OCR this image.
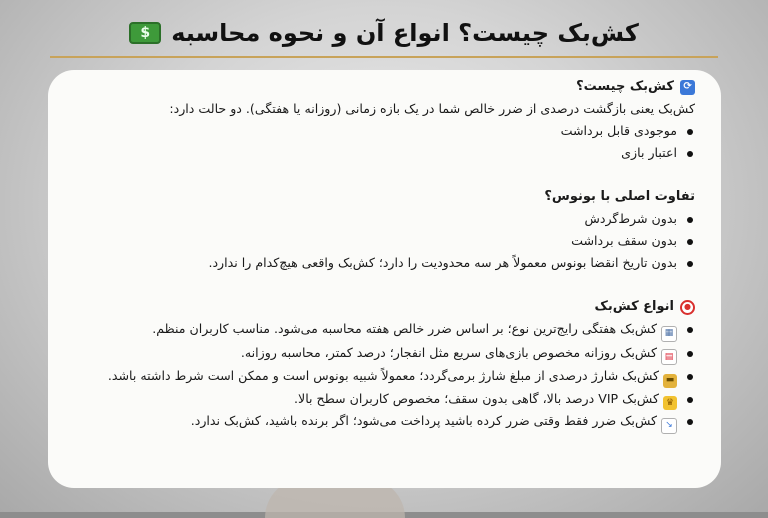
کش‌بک چیست؟ انواع آن و نحوه محاسبه
$
⟳
کش‌بک چیست؟

کش‌بک یعنی بازگشت درصدی از ضرر خالص شما در یک بازه زمانی (روزانه یا هفتگی). دو حالت دارد:

موجودی قابل برداشت
اعتبار بازی
تفاوت اصلی با بونوس؟
بدون شرط‌گردش
بدون سقف برداشت
بدون تاریخ انقضا بونوس معمولاً هر سه محدودیت را دارد؛ کش‌بک واقعی هیچ‌کدام را ندارد.
●
انواع کش‌بک
▦کش‌بک هفتگی رایج‌ترین نوع؛ بر اساس ضرر خالص هفته محاسبه می‌شود. مناسب کاربران منظم.
▤کش‌بک روزانه مخصوص بازی‌های سریع مثل انفجار؛ درصد کمتر، محاسبه روزانه.
▬کش‌بک شارژ درصدی از مبلغ شارژ برمی‌گردد؛ معمولاً شبیه بونوس است و ممکن است شرط داشته باشد.
♛کش‌بک VIP درصد بالا، گاهی بدون سقف؛ مخصوص کاربران سطح بالا.
↘کش‌بک ضرر فقط وقتی ضرر کرده باشید پرداخت می‌شود؛ اگر برنده باشید، کش‌بک ندارد.
